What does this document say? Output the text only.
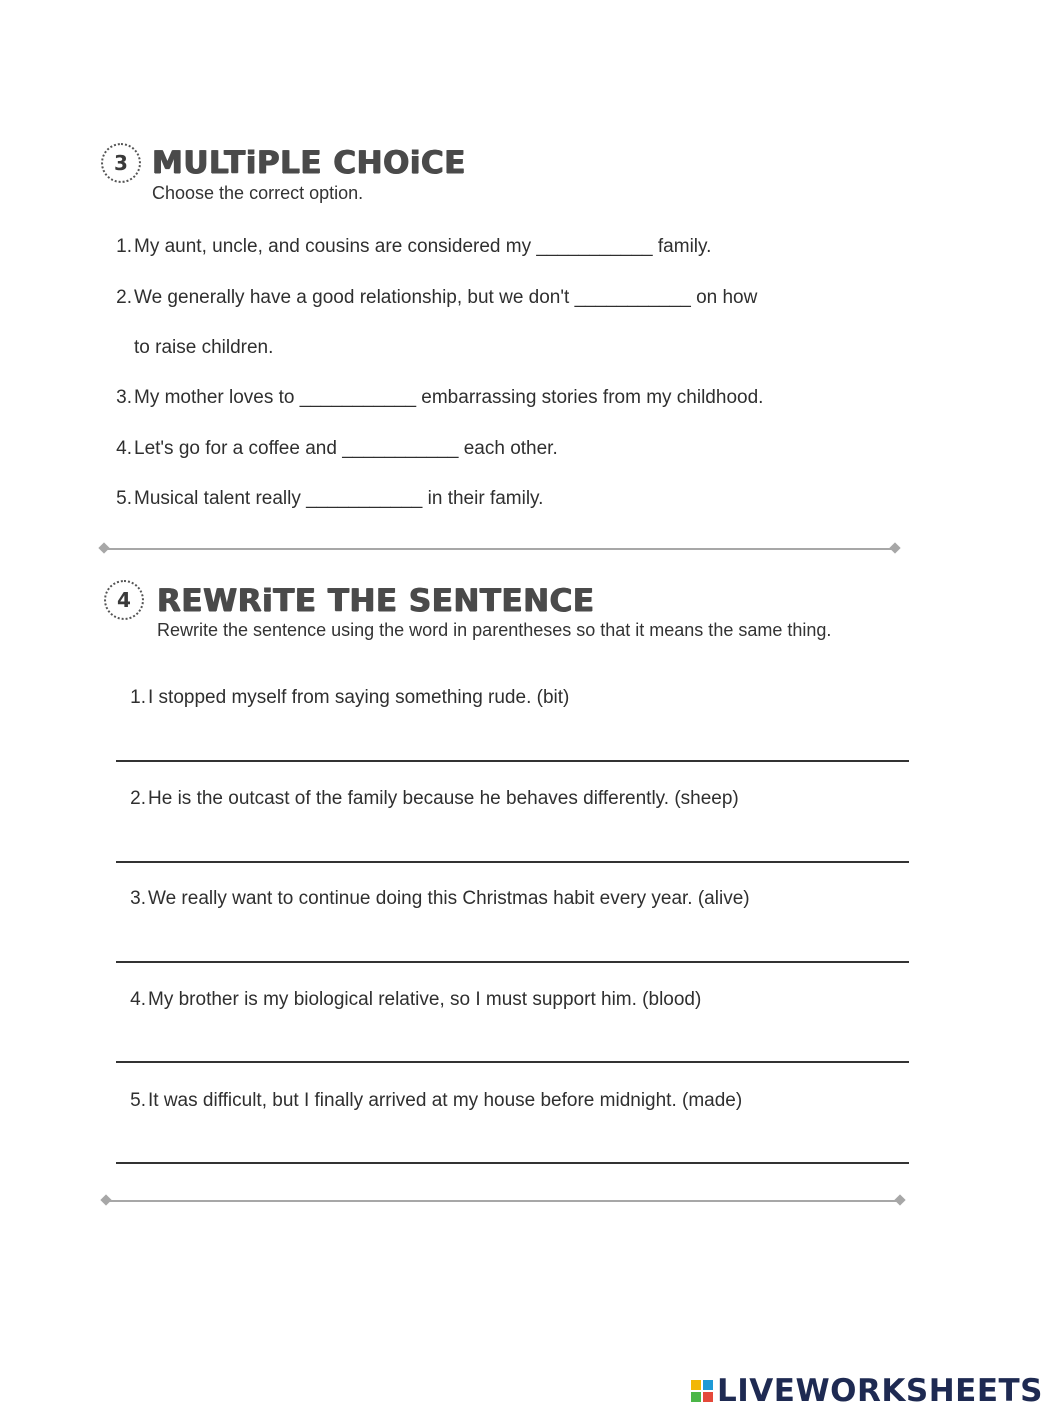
3 MULTiPLE CHOiCE
Choose the correct option.
1. My aunt, uncle, and cousins are considered my ___________ family.
2. We generally have a good relationship, but we don't ___________ on how
to raise children.
3. My mother loves to ___________ embarrassing stories from my childhood.
4. Let's go for a coffee and ___________ each other.
5. Musical talent really ___________ in their family.
4 REWRiTE THE SENTENCE
Rewrite the sentence using the word in parentheses so that it means the same thing.
1. I stopped myself from saying something rude. (bit)
2. He is the outcast of the family because he behaves differently. (sheep)
3. We really want to continue doing this Christmas habit every year. (alive)
4. My brother is my biological relative, so I must support him. (blood)
5. It was difficult, but I finally arrived at my house before midnight. (made)
LIVEWORKSHEETS
